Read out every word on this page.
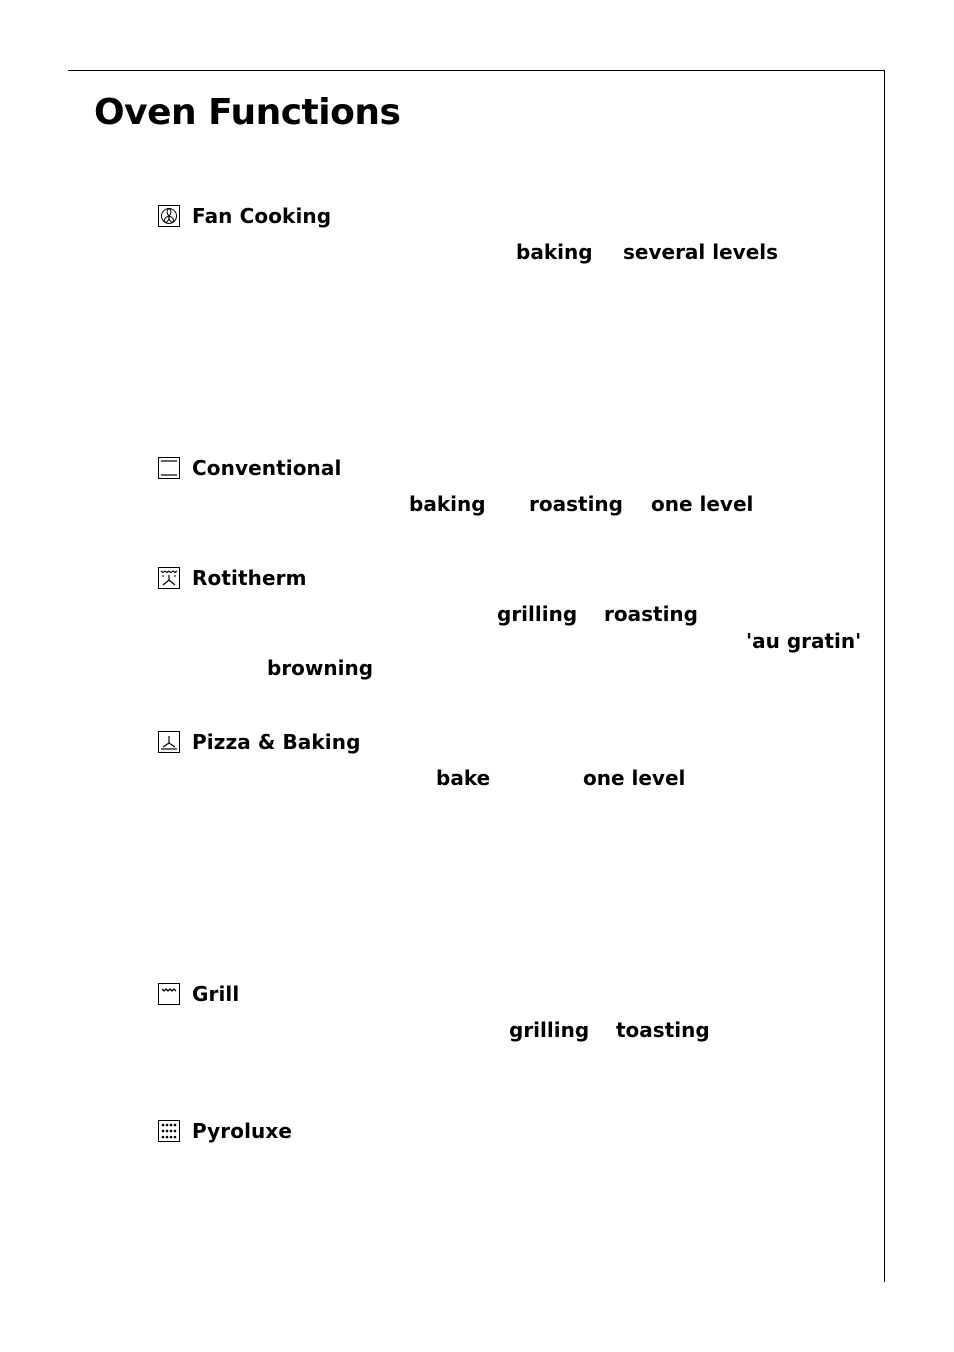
Oven Functions
Fan Cooking
baking several levels
Conventional
baking roasting one level
Rotitherm
grilling roasting
'au gratin'
browning
Pizza & Baking
bake	one level
Grill
grilling toasting
Pyroluxe
